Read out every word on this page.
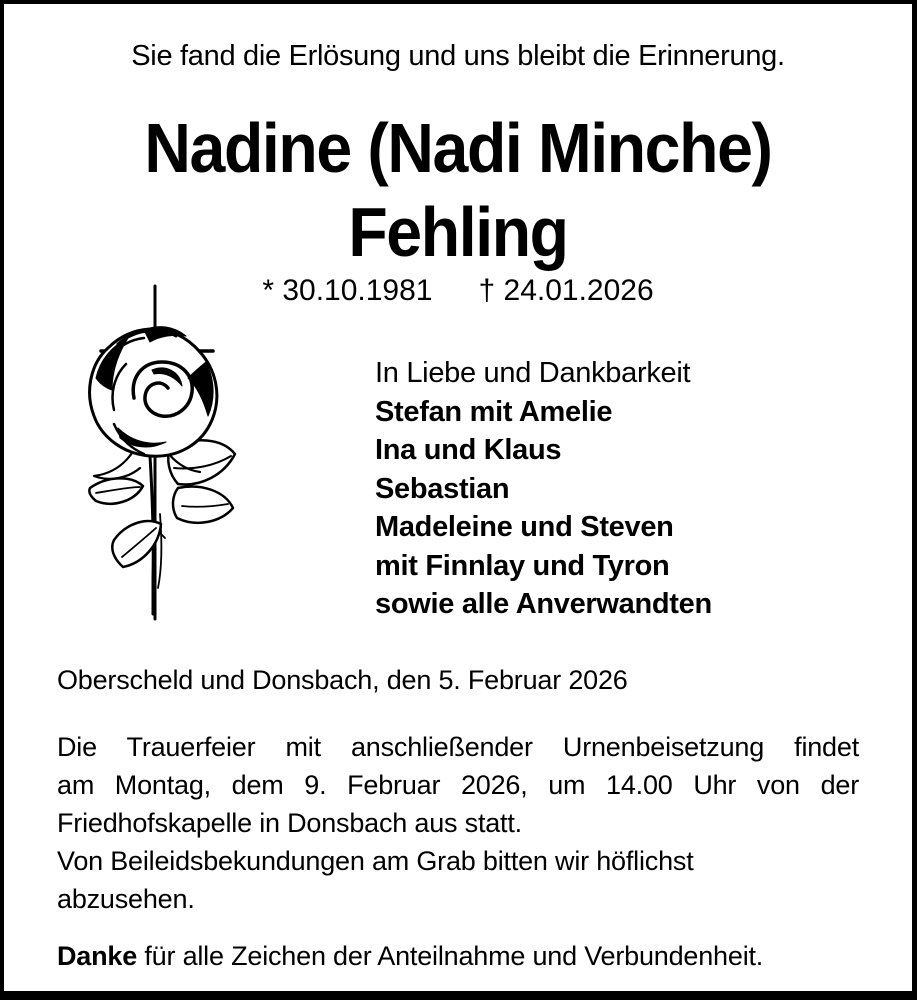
Sie fand die Erlösung und uns bleibt die Erinnerung.
Nadine (Nadi Minche)
Fehling
* 30.10.1981 † 24.01.2026
In Liebe und Dankbarkeit
Stefan mit Amelie
Ina und Klaus
Sebastian
Madeleine und Steven
mit Finnlay und Tyron
sowie alle Anverwandten
Oberscheld und Donsbach, den 5. Februar 2026
Die Trauerfeier mit anschließender Urnenbeisetzung findet
am Montag, dem 9. Februar 2026, um 14.00 Uhr von der
Friedhofskapelle in Donsbach aus statt.
Von Beileidsbekundungen am Grab bitten wir höflichst
abzusehen.
Danke für alle Zeichen der Anteilnahme und Verbundenheit.
